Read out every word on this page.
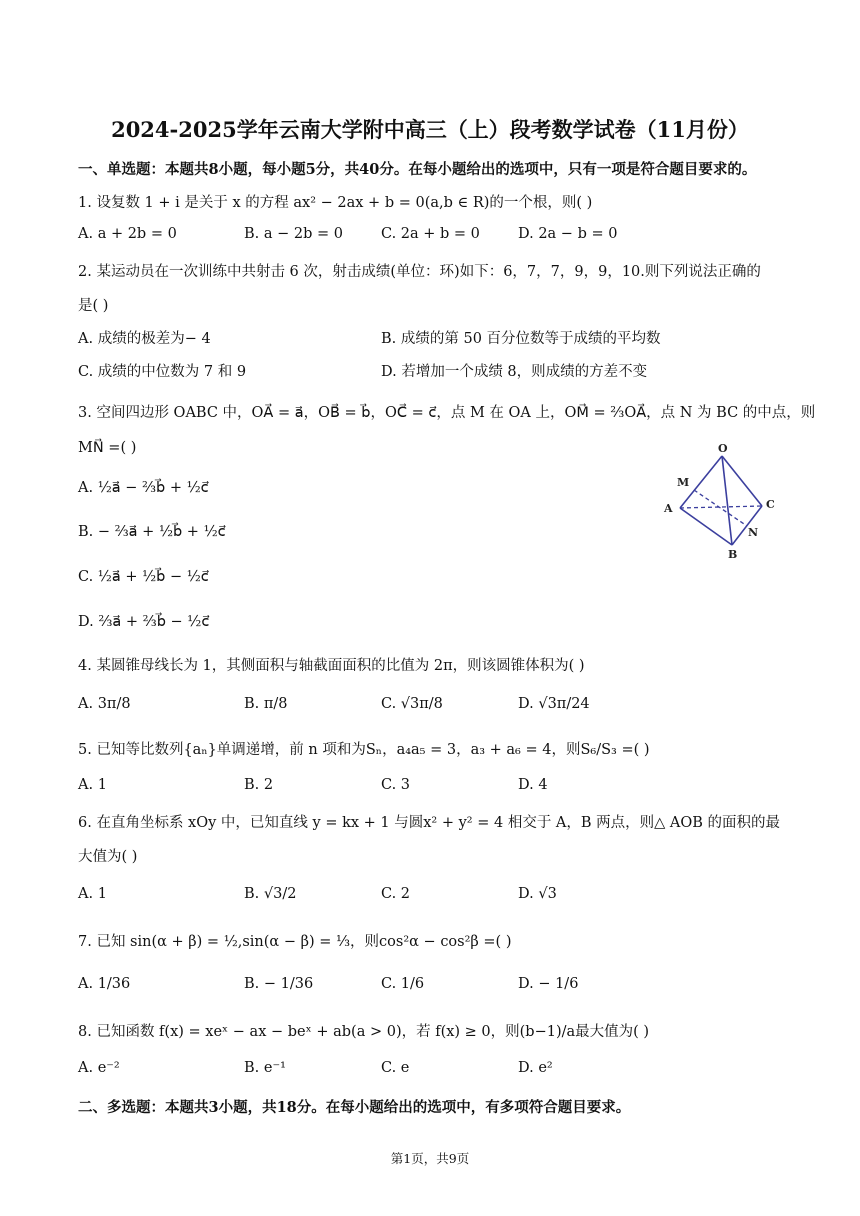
2024-2025学年云南大学附中高三（上）段考数学试卷（11月份）
一、单选题：本题共8小题，每小题5分，共40分。在每小题给出的选项中，只有一项是符合题目要求的。
1. 设复数 1 + i 是关于 x 的方程 ax² − 2ax + b = 0(a,b ∈ R)的一个根，则( )
A. a + 2b = 0	B. a − 2b = 0	C. 2a + b = 0	D. 2a − b = 0
2. 某运动员在一次训练中共射击 6 次，射击成绩(单位：环)如下：6，7，7，9，9，10.则下列说法正确的
是( )
A. 成绩的极差为− 4	B. 成绩的第 50 百分位数等于成绩的平均数
C. 成绩的中位数为 7 和 9	D. 若增加一个成绩 8，则成绩的方差不变
3. 空间四边形 OABC 中，OA⃗ = a⃗，OB⃗ = b⃗，OC⃗ = c⃗，点 M 在 OA 上，OM⃗ = ⅔OA⃗，点 N 为 BC 的中点，则
MN⃗ =( )
A. ½a⃗ − ⅔b⃗ + ½c⃗
B. − ⅔a⃗ + ½b⃗ + ½c⃗
C. ½a⃗ + ½b⃗ − ½c⃗
D. ⅔a⃗ + ⅔b⃗ − ½c⃗
O
M
A	C
N
B
4. 某圆锥母线长为 1，其侧面积与轴截面面积的比值为 2π，则该圆锥体积为( )
A. 3π/8	B. π/8	C. √3π/8	D. √3π/24
5. 已知等比数列{aₙ}单调递增，前 n 项和为Sₙ，a₄a₅ = 3，a₃ + a₆ = 4，则S₆/S₃ =( )
A. 1	B. 2	C. 3	D. 4
6. 在直角坐标系 xOy 中，已知直线 y = kx + 1 与圆x² + y² = 4 相交于 A，B 两点，则△ AOB 的面积的最
大值为( )
A. 1	B. √3/2	C. 2	D. √3
7. 已知 sin(α + β) = ½,sin(α − β) = ⅓，则cos²α − cos²β =( )
A. 1/36	B. − 1/36	C. 1/6	D. − 1/6
8. 已知函数 f(x) = xeˣ − ax − beˣ + ab(a > 0)，若 f(x) ≥ 0，则(b−1)/a最大值为( )
A. e⁻²	B. e⁻¹	C. e	D. e²
二、多选题：本题共3小题，共18分。在每小题给出的选项中，有多项符合题目要求。
第1页，共9页
